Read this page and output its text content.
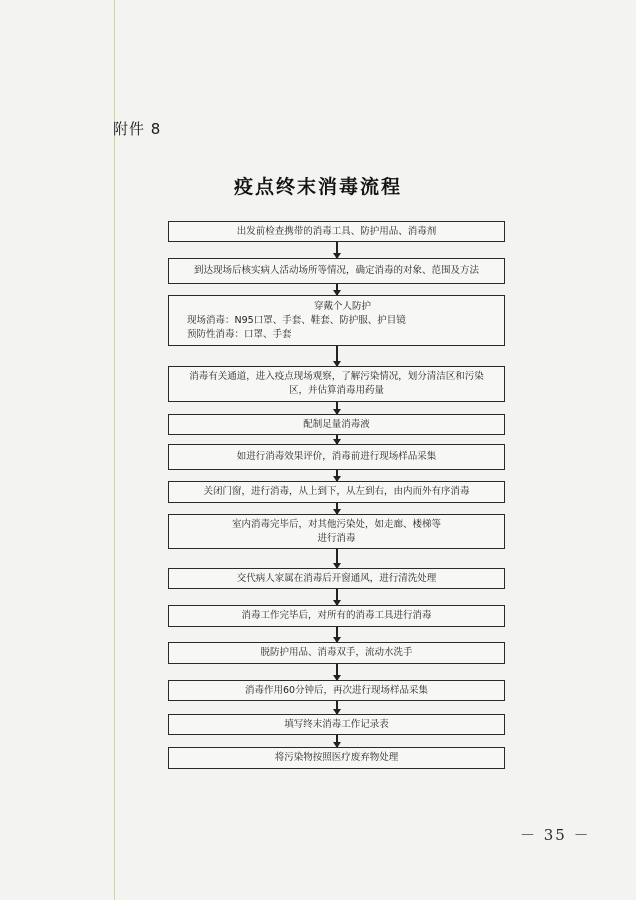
附件 8
疫点终末消毒流程
出发前检查携带的消毒工具、防护用品、消毒剂
到达现场后核实病人活动场所等情况，确定消毒的对象、范围及方法
穿戴个人防护
现场消毒：N95口罩、手套、鞋套、防护服、护目镜
预防性消毒：口罩、手套
消毒有关通道，进入疫点现场观察，了解污染情况，划分清洁区和污染
区，并估算消毒用药量
配制足量消毒液
如进行消毒效果评价，消毒前进行现场样品采集
关闭门窗，进行消毒，从上到下，从左到右，由内而外有序消毒
室内消毒完毕后，对其他污染处，如走廊、楼梯等
进行消毒
交代病人家属在消毒后开窗通风，进行清洗处理
消毒工作完毕后，对所有的消毒工具进行消毒
脱防护用品、消毒双手，流动水洗手
消毒作用60分钟后，再次进行现场样品采集
填写终末消毒工作记录表
将污染物按照医疗废弃物处理
－ 35 －
